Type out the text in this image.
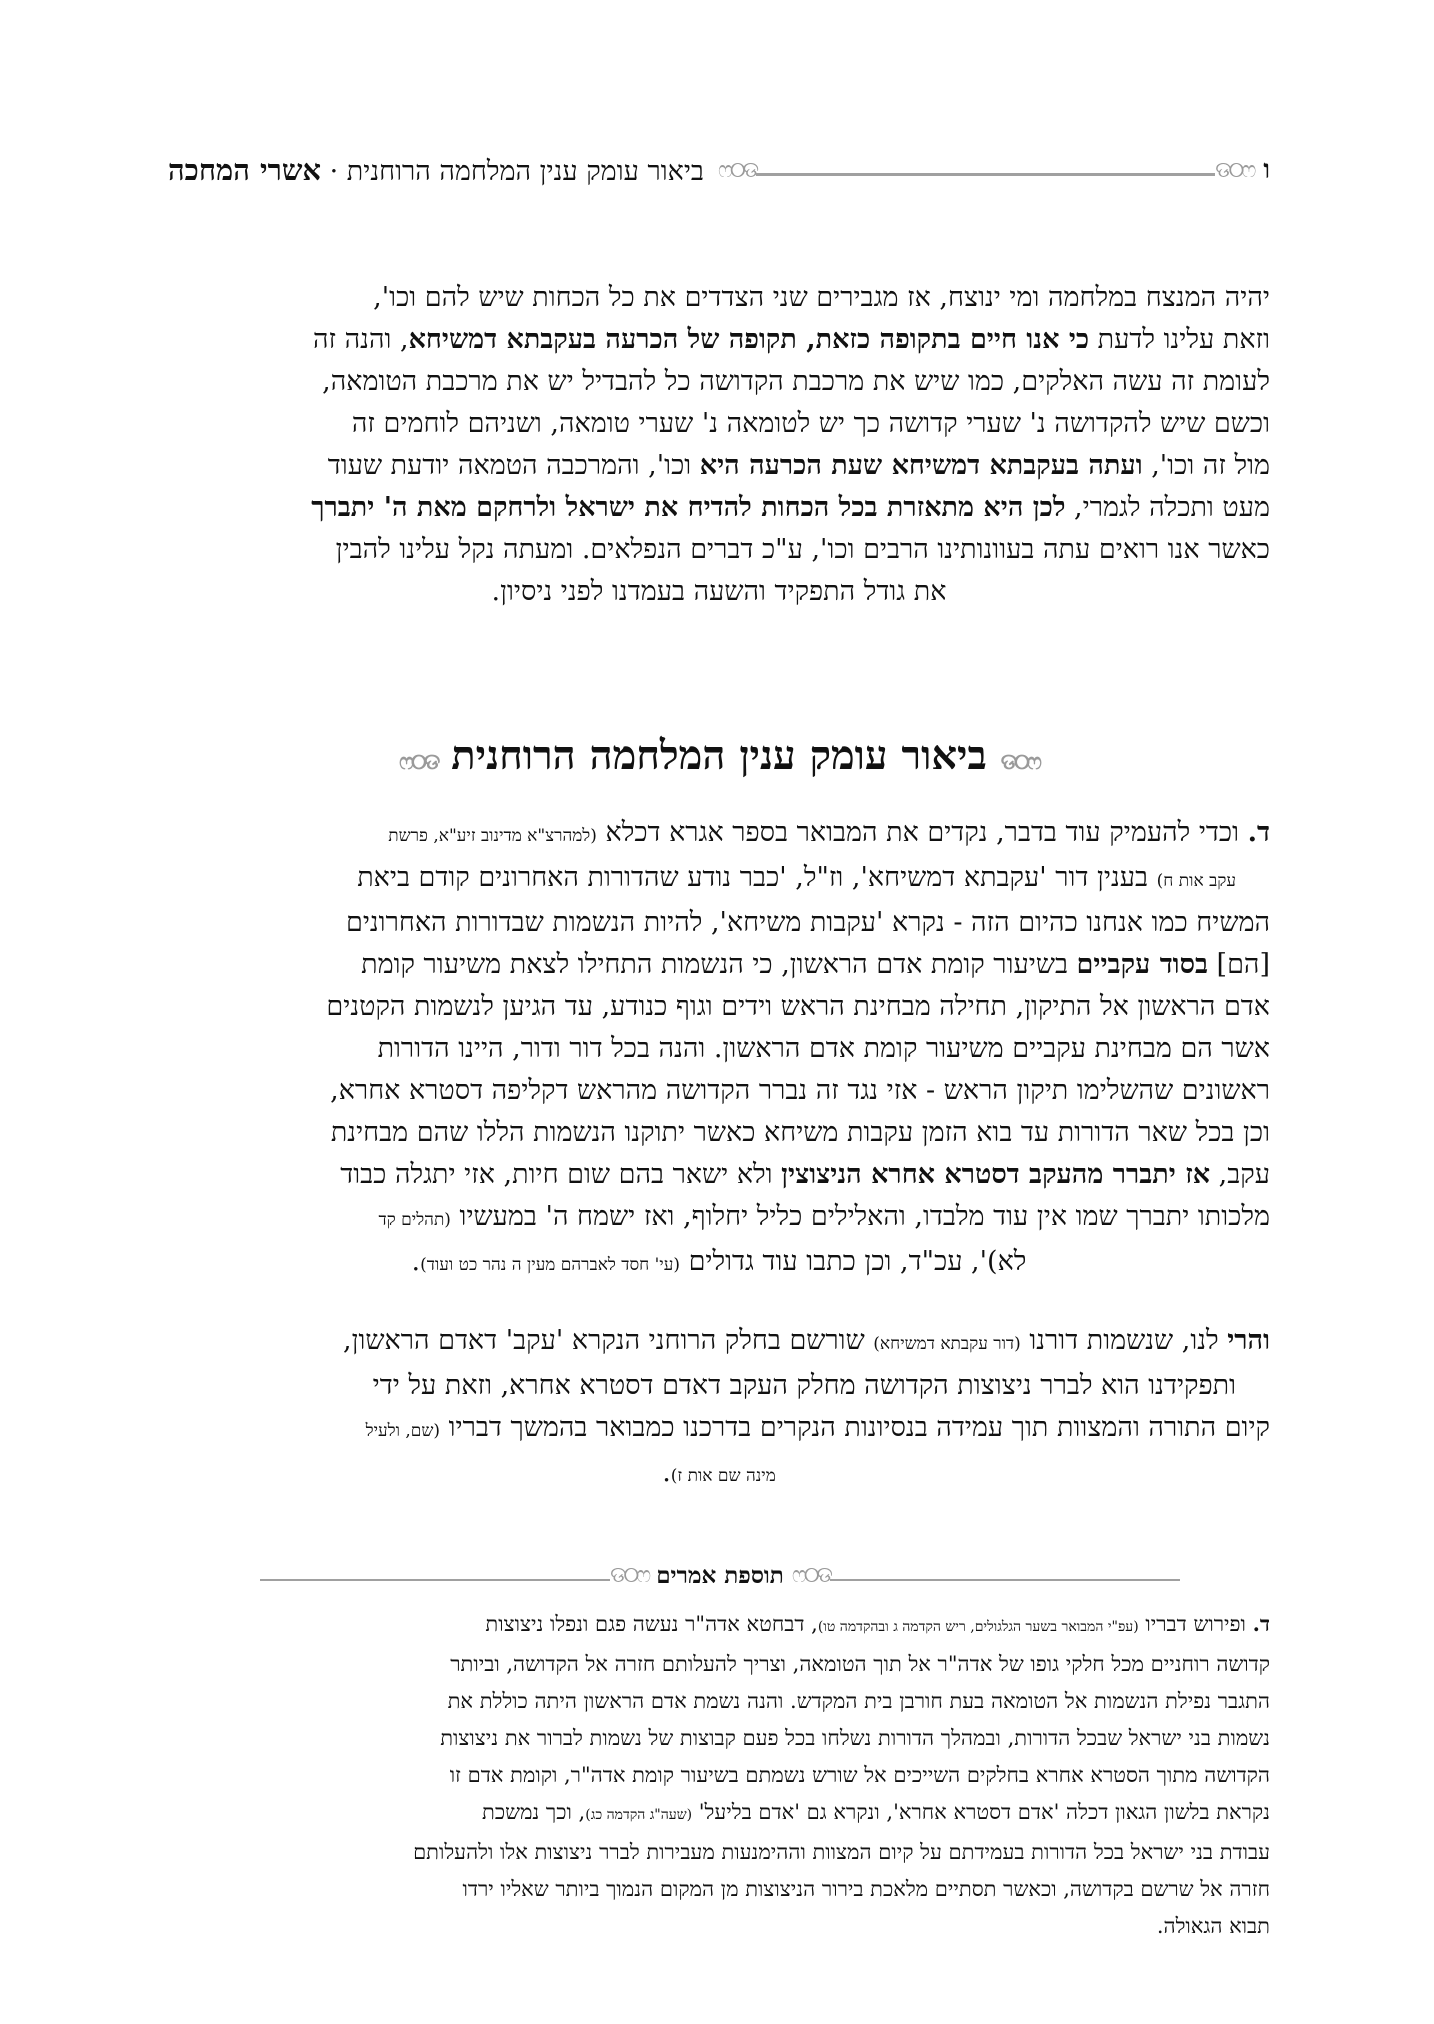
ו
ଡ୦ෆ
ෆ୦ଡ
ביאור עומק ענין המלחמה הרוחנית · אשרי המחכה
יהיה המנצח במלחמה ומי ינוצח, אז מגבירים שני הצדדים את כל הכחות שיש להם וכו',
וזאת עלינו לדעת כי אנו חיים בתקופה כזאת, תקופה של הכרעה בעקבתא דמשיחא, והנה זה
לעומת זה עשה האלקים, כמו שיש את מרכבת הקדושה כל להבדיל יש את מרכבת הטומאה,
וכשם שיש להקדושה נ' שערי קדושה כך יש לטומאה נ' שערי טומאה, ושניהם לוחמים זה
מול זה וכו', ועתה בעקבתא דמשיחא שעת הכרעה היא וכו', והמרכבה הטמאה יודעת שעוד
מעט ותכלה לגמרי, לכן היא מתאזרת בכל הכחות להדיח את ישראל ולרחקם מאת ה' יתברך
כאשר אנו רואים עתה בעוונותינו הרבים וכו', ע"כ דברים הנפלאים. ומעתה נקל עלינו להבין
את גודל התפקיד והשעה בעמדנו לפני ניסיון.
ଡ୦ෆ ביאור עומק ענין המלחמה הרוחנית ෆ୦ଡ
ד. וכדי להעמיק עוד בדבר, נקדים את המבואר בספר אגרא דכלא (למהרצ"א מדינוב זיע"א, פרשת
עקב אות ח) בענין דור 'עקבתא דמשיחא', וז"ל, 'כבר נודע שהדורות האחרונים קודם ביאת
המשיח כמו אנחנו כהיום הזה - נקרא 'עקבות משיחא', להיות הנשמות שבדורות האחרונים
[הם] בסוד עקביים בשיעור קומת אדם הראשון, כי הנשמות התחילו לצאת משיעור קומת
אדם הראשון אל התיקון, תחילה מבחינת הראש וידים וגוף כנודע, עד הגיען לנשמות הקטנים
אשר הם מבחינת עקביים משיעור קומת אדם הראשון. והנה בכל דור ודור, היינו הדורות
ראשונים שהשלימו תיקון הראש - אזי נגד זה נברר הקדושה מהראש דקליפה דסטרא אחרא,
וכן בכל שאר הדורות עד בוא הזמן עקבות משיחא כאשר יתוקנו הנשמות הללו שהם מבחינת
עקב, אז יתברר מהעקב דסטרא אחרא הניצוצין ולא ישאר בהם שום חיות, אזי יתגלה כבוד
מלכותו יתברך שמו אין עוד מלבדו, והאלילים כליל יחלוף, ואז ישמח ה' במעשיו (תהלים קד
לא)', עכ"ד, וכן כתבו עוד גדולים (עי' חסד לאברהם מעין ה נהר כט ועוד).
והרי לנו, שנשמות דורנו (דור עקבתא דמשיחא) שורשם בחלק הרוחני הנקרא 'עקב' דאדם הראשון,
ותפקידנו הוא לברר ניצוצות הקדושה מחלק העקב דאדם דסטרא אחרא, וזאת על ידי
קיום התורה והמצוות תוך עמידה בנסיונות הנקרים בדרכנו כמבואר בהמשך דבריו (שם, ולעיל
מינה שם אות ז).
ෆ୦ଡ
תוספת אמרים
ଡ୦ෆ
ד. ופירוש דבריו (עפ"י המבואר בשער הגלגולים, ריש הקדמה ג ובהקדמה טו), דבחטא אדה"ר נעשה פגם ונפלו ניצוצות
קדושה רוחניים מכל חלקי גופו של אדה"ר אל תוך הטומאה, וצריך להעלותם חזרה אל הקדושה, וביותר
התגבר נפילת הנשמות אל הטומאה בעת חורבן בית המקדש. והנה נשמת אדם הראשון היתה כוללת את
נשמות בני ישראל שבכל הדורות, ובמהלך הדורות נשלחו בכל פעם קבוצות של נשמות לברור את ניצוצות
הקדושה מתוך הסטרא אחרא בחלקים השייכים אל שורש נשמתם בשיעור קומת אדה"ר, וקומת אדם זו
נקראת בלשון הגאון דכלה 'אדם דסטרא אחרא', ונקרא גם 'אדם בליעל' (שעה"ג הקדמה כג), וכך נמשכת
עבודת בני ישראל בכל הדורות בעמידתם על קיום המצוות וההימנעות מעבירות לברר ניצוצות אלו ולהעלותם
חזרה אל שרשם בקדושה, וכאשר תסתיים מלאכת בירור הניצוצות מן המקום הנמוך ביותר שאליו ירדו
תבוא הגאולה.
